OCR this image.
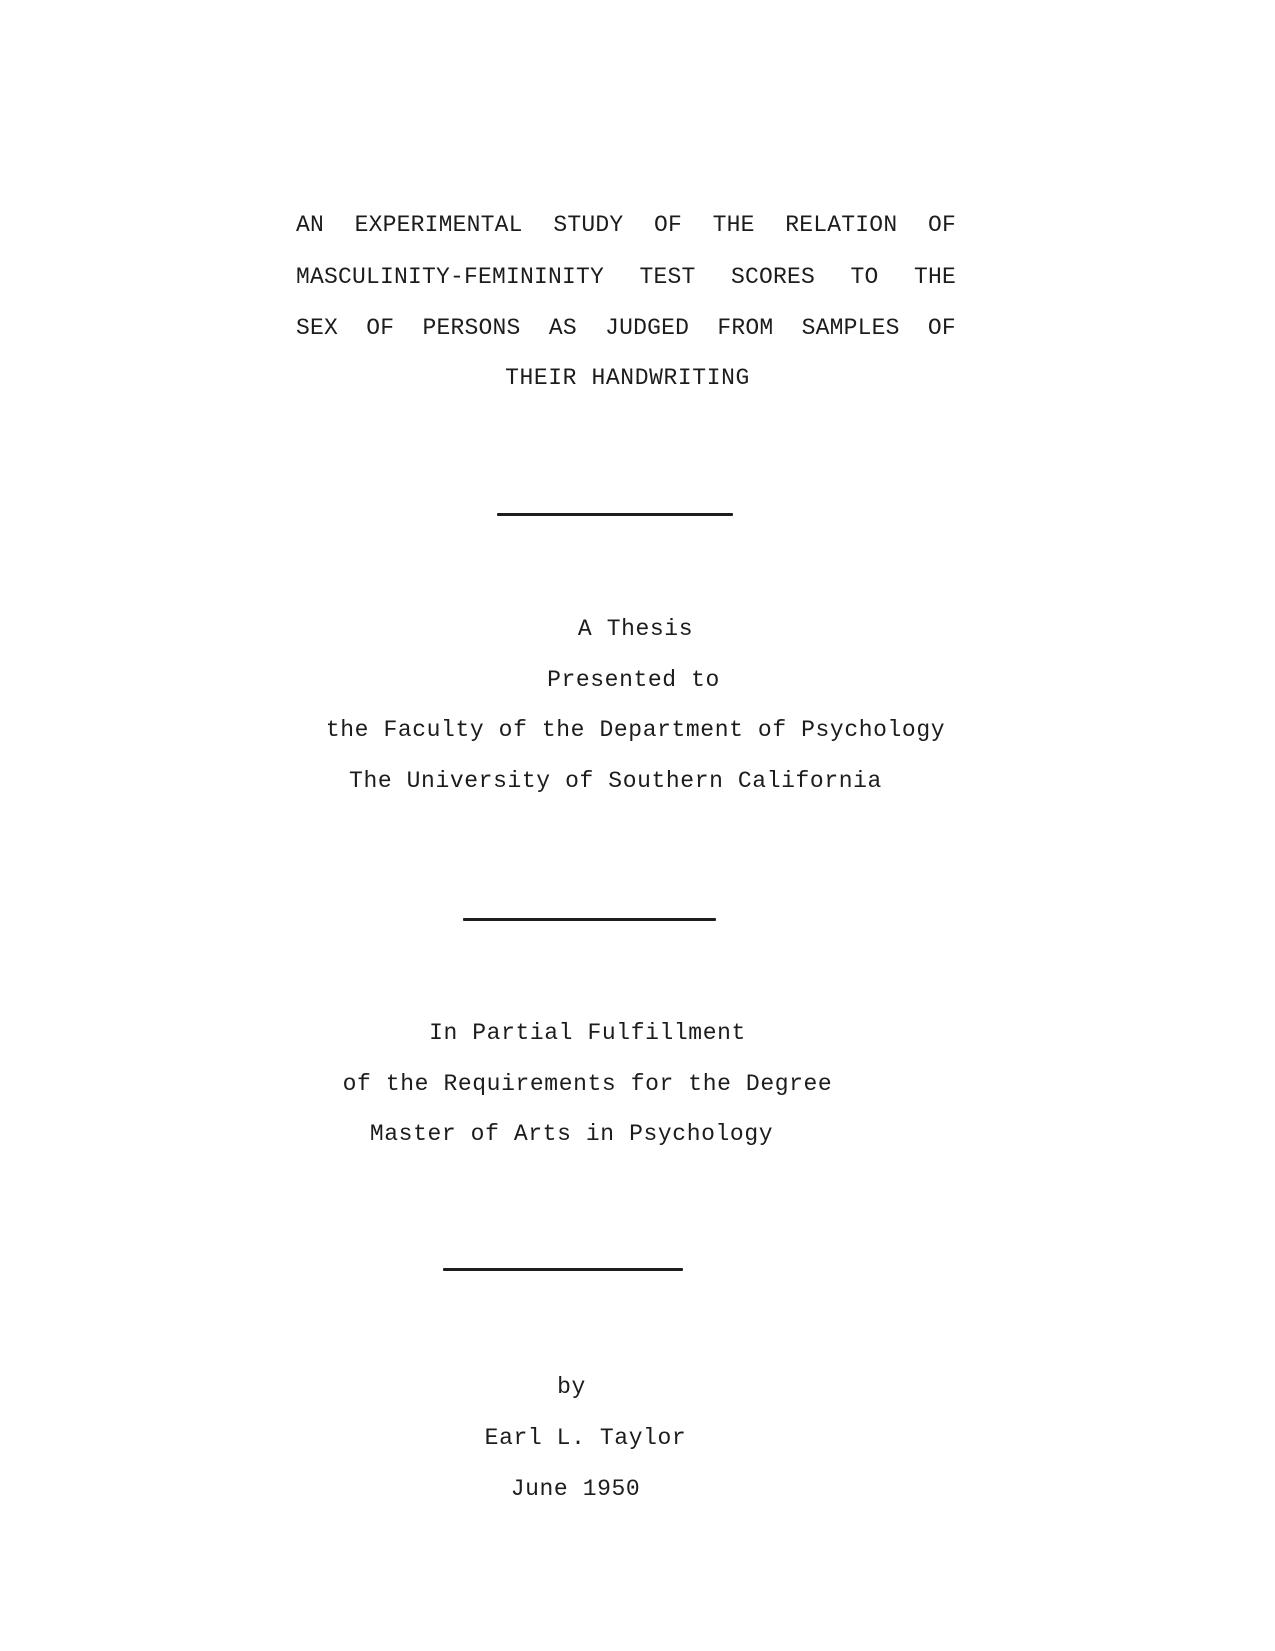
AN EXPERIMENTAL STUDY OF THE RELATION OF
MASCULINITY-FEMININITY TEST SCORES TO THE
SEX OF PERSONS AS JUDGED FROM SAMPLES OF
THEIR HANDWRITING
A Thesis
Presented to
the Faculty of the Department of Psychology
The University of Southern California
In Partial Fulfillment
of the Requirements for the Degree
Master of Arts in Psychology
by
Earl L. Taylor
June 1950
